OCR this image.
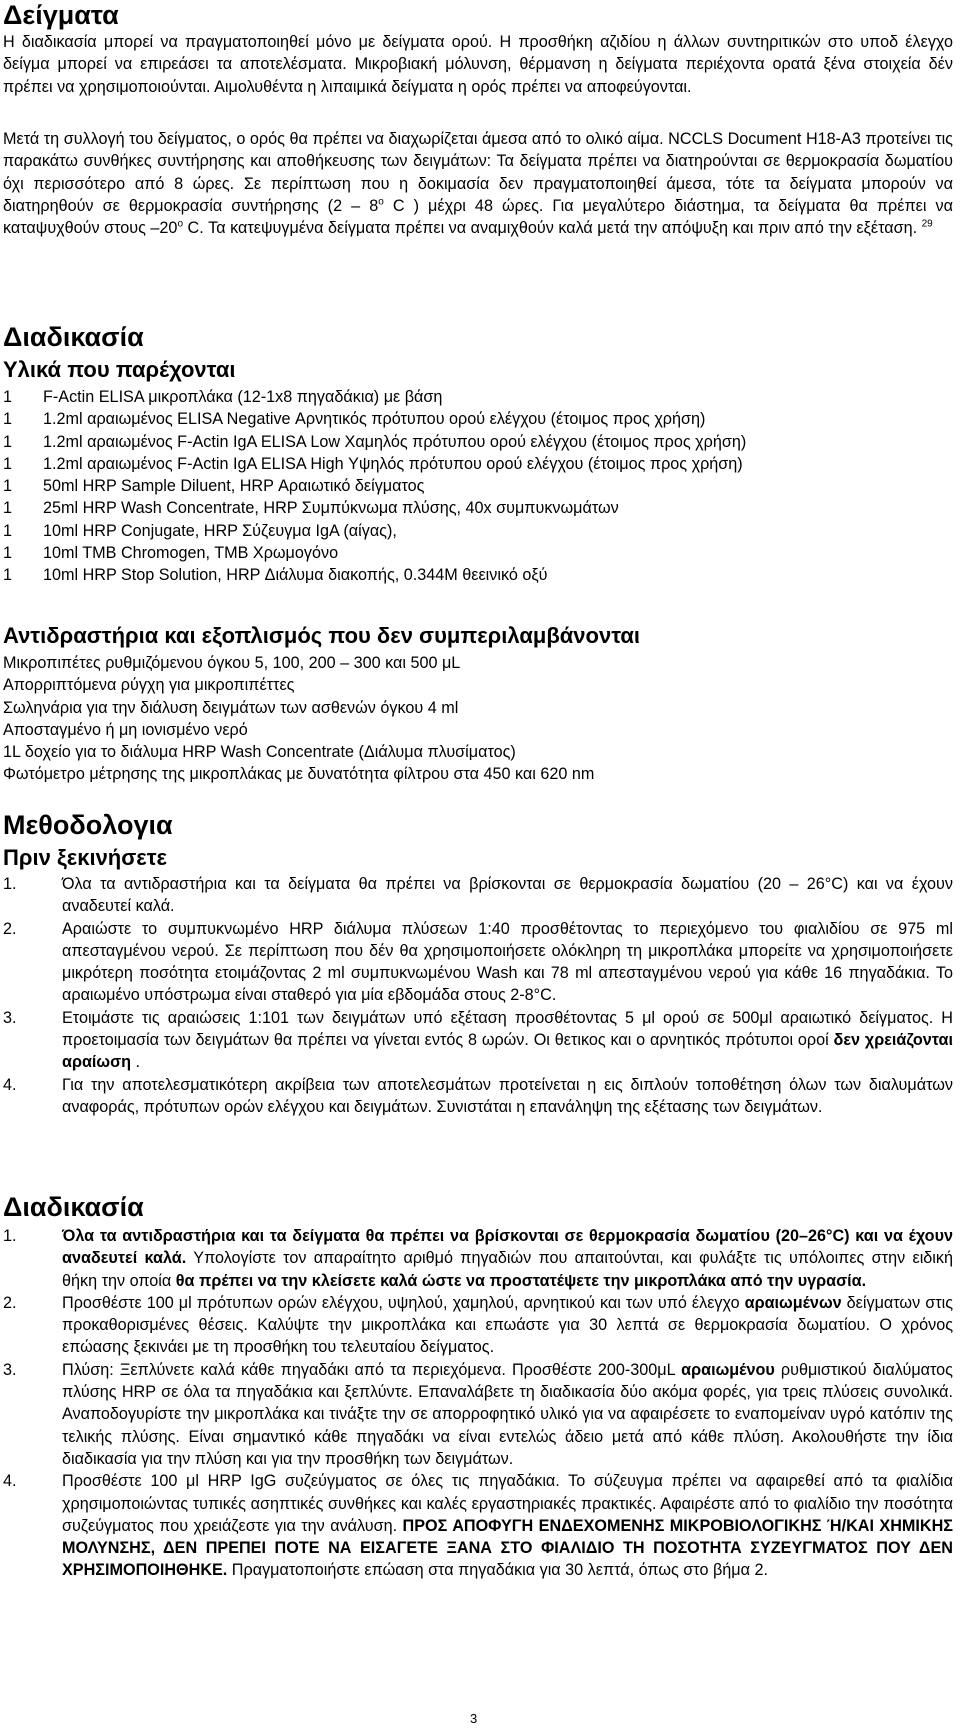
Δείγματα

Η διαδικασία μπορεί να πραγματοποιηθεί μόνο με δείγματα ορού. Η προσθήκη αζιδίου η άλλων συντηριτικών στο υποδ έλεγχο δείγμα μπορεί να επιρεάσει τα αποτελέσματα. Μικροβιακή μόλυνση, θέρμανση η δείγματα περιέχοντα ορατά ξένα στοιχεία δέν πρέπει να χρησιμοποιούνται. Αιμολυθέντα η λιπαιμικά δείγματα η ορός πρέπει να αποφεύγονται.

Μετά τη συλλογή του δείγματος, ο ορός θα πρέπει να διαχωρίζεται άμεσα από το ολικό αίμα. NCCLS Document H18-A3 προτείνει τις παρακάτω συνθήκες συντήρησης και αποθήκευσης των δειγμάτων: Τα δείγματα πρέπει να διατηρούνται σε θερμοκρασία δωματίου όχι περισσότερο από 8 ώρες. Σε περίπτωση που η δοκιμασία δεν πραγματοποιηθεί άμεσα, τότε τα δείγματα μπορούν να διατηρηθούν σε θερμοκρασία συντήρησης (2 – 8$^o$ C ) μέχρι 48 ώρες. Για μεγαλύτερο διάστημα, τα δείγματα θα πρέπει να καταψυχθούν στους –20$^o$ C. Τα κατεψυγμένα δείγματα πρέπει να αναμιχθούν καλά μετά την απόψυξη και πριν από την εξέταση. $^{29}$

Διαδικασία
Υλικά που παρέχονται
1	F-Actin ELISA μικροπλάκα (12-1x8 πηγαδάκια) με βάση
1	1.2ml αραιωμένος ELISA Negative Αρνητικός πρότυπου ορού ελέγχου (έτοιμος προς χρήση)
1	1.2ml αραιωμένος F-Actin IgA ELISA Low Χαμηλός πρότυπου ορού ελέγχου (έτοιμος προς χρήση)
1	1.2ml αραιωμένος F-Actin IgA ELISA High Υψηλός πρότυπου ορού ελέγχου (έτοιμος προς χρήση)
1	50ml HRP Sample Diluent, HRP Αραιωτικό δείγματος
1	25ml HRP Wash Concentrate, HRP Συμπύκνωμα πλύσης, 40x συμπυκνωμάτων
1	10ml HRP Conjugate, HRP Σύζευγμα IgA (αίγας),
1	10ml TMB Chromogen, TMB Χρωμογόνο
1	10ml HRP Stop Solution, HRP Διάλυμα διακοπής, 0.344M θεεινικό οξύ
Αντιδραστήρια και εξοπλισμός που δεν συμπεριλαμβάνονται
Μικροπιπέτες ρυθμιζόμενου όγκου 5, 100, 200 – 300 και 500 μL
Απορριπτόμενα ρύγχη για μικροπιπέττες
Σωληνάρια για την διάλυση δειγμάτων των ασθενών όγκου 4 ml
Αποσταγμένο ή μη ιονισμένο νερό
1L δοχείο για το διάλυμα HRP Wash Concentrate (Διάλυμα πλυσίματος)
Φωτόμετρο μέτρησης της μικροπλάκας με δυνατότητα φίλτρου στα 450 και 620 nm
Μεθοδολογια
Πριν ξεκινήσετε
1.	Όλα τα αντιδραστήρια και τα δείγματα θα πρέπει να βρίσκονται σε θερμοκρασία δωματίου (20 – 26°C) και να έχουν αναδευτεί καλά.
2.	Αραιώστε το συμπυκνωμένο HRP διάλυμα πλύσεων 1:40 προσθέτοντας το περιεχόμενο του φιαλιδίου σε 975 ml απεσταγμένου νερού. Σε περίπτωση που δέν θα χρησιμοποιήσετε ολόκληρη τη μικροπλάκα μπορείτε να χρησιμοποιήσετε μικρότερη ποσότητα ετοιμάζοντας 2 ml συμπυκνωμένου Wash και 78 ml απεσταγμένου νερού για κάθε 16 πηγαδάκια. Το αραιωμένο υπόστρωμα είναι σταθερό για μία εβδομάδα στους 2-8°C.
3.	Ετοιμάστε τις αραιώσεις 1:101 των δειγμάτων υπό εξέταση προσθέτοντας 5 μl ορού σε 500μl αραιωτικό δείγματος. Η προετοιμασία των δειγμάτων θα πρέπει να γίνεται εντός 8 ωρών. Οι θετικος και ο αρνητικός πρότυποι οροί δεν χρειάζονται αραίωση .
4.	Για την αποτελεσματικότερη ακρίβεια των αποτελεσμάτων προτείνεται η εις διπλούν τοποθέτηση όλων των διαλυμάτων αναφοράς, πρότυπων ορών ελέγχου και δειγμάτων. Συνιστάται η επανάληψη της εξέτασης των δειγμάτων.
Διαδικασία
1.	Όλα τα αντιδραστήρια και τα δείγματα θα πρέπει να βρίσκονται σε θερμοκρασία δωματίου (20–26°C) και να έχουν αναδευτεί καλά. Υπολογίστε τον απαραίτητο αριθμό πηγαδιών που απαιτούνται, και φυλάξτε τις υπόλοιπες στην ειδική θήκη την οποία θα πρέπει να την κλείσετε καλά ώστε να προστατέψετε την μικροπλάκα από την υγρασία.
2.	Προσθέστε 100 μl πρότυπων ορών ελέγχου, υψηλού, χαμηλού, αρνητικού και των υπό έλεγχο αραιωμένων δείγματων στις προκαθορισμένες θέσεις. Καλύψτε την μικροπλάκα και επωάστε για 30 λεπτά σε θερμοκρασία δωματίου. Ο χρόνος επώασης ξεκινάει με τη προσθήκη του τελευταίου δείγματος.
3.	Πλύση: Ξεπλύνετε καλά κάθε πηγαδάκι από τα περιεχόμενα. Προσθέστε 200-300μL αραιωμένου ρυθμιστικού διαλύματος πλύσης HRP σε όλα τα πηγαδάκια και ξεπλύντε. Επαναλάβετε τη διαδικασία δύο ακόμα φορές, για τρεις πλύσεις συνολικά. Αναποδογυρίστε την μικροπλάκα και τινάξτε την σε απορροφητικό υλικό για να αφαιρέσετε το εναπομείναν υγρό κατόπιν της τελικής πλύσης. Είναι σημαντικό κάθε πηγαδάκι να είναι εντελώς άδειο μετά από κάθε πλύση. Ακολουθήστε την ίδια διαδικασία για την πλύση και για την προσθήκη των δειγμάτων.
4.	Προσθέστε 100 μl HRP IgG συζεύγματος σε όλες τις πηγαδάκια. Το σύζευγμα πρέπει να αφαιρεθεί από τα φιαλίδια χρησιμοποιώντας τυπικές ασηπτικές συνθήκες και καλές εργαστηριακές πρακτικές. Αφαιρέστε από το φιαλίδιο την ποσότητα συζεύγματος που χρειάζεστε για την ανάλυση. ΠΡΟΣ ΑΠΟΦΥΓΗ ΕΝΔΕΧΟΜΕΝΗΣ ΜΙΚΡΟΒΙΟΛΟΓΙΚΗΣ Ή/ΚΑΙ ΧΗΜΙΚΗΣ ΜΟΛΥΝΣΗΣ, ΔΕΝ ΠΡΕΠΕΙ ΠΟΤΕ ΝΑ ΕΙΣΑΓΕΤΕ ΞΑΝΑ ΣΤΟ ΦΙΑΛΙΔΙΟ ΤΗ ΠΟΣΟΤΗΤΑ ΣΥΖΕΥΓΜΑΤΟΣ ΠΟΥ ΔΕΝ ΧΡΗΣΙΜΟΠΟΙΗΘΗΚΕ. Πραγματοποιήστε επώαση στα πηγαδάκια για 30 λεπτά, όπως στο βήμα 2.
3
